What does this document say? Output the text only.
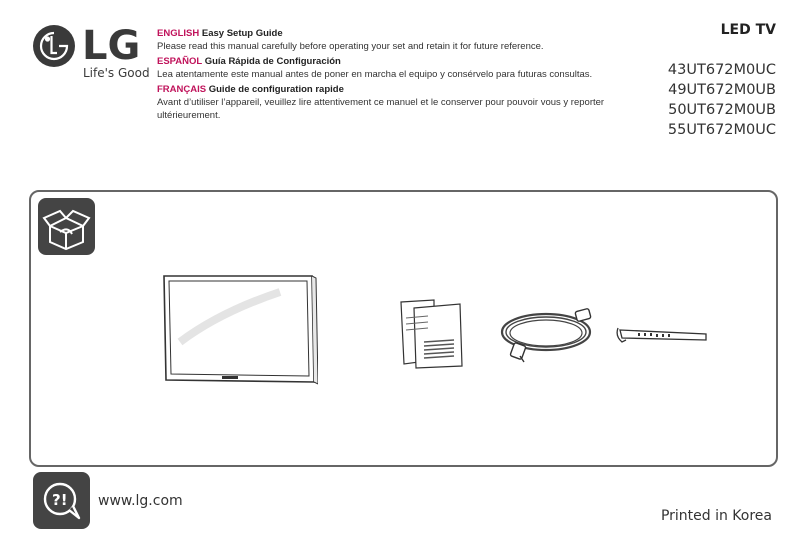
LG
Life's Good
ENGLISH Easy Setup Guide
Please read this manual carefully before operating your set and retain it for future reference.
ESPAÑOL Guía Rápida de Configuración
Lea atentamente este manual antes de poner en marcha el equipo y consérvelo para futuras consultas.
FRANÇAIS Guide de configuration rapide
Avant d’utiliser l’appareil, veuillez lire attentivement ce manuel et le conserver pour pouvoir vous y reporter ultérieurement.
LED TV
43UT672M0UC
49UT672M0UB
50UT672M0UB
55UT672M0UC
?! www.lg.com
Printed in Korea
